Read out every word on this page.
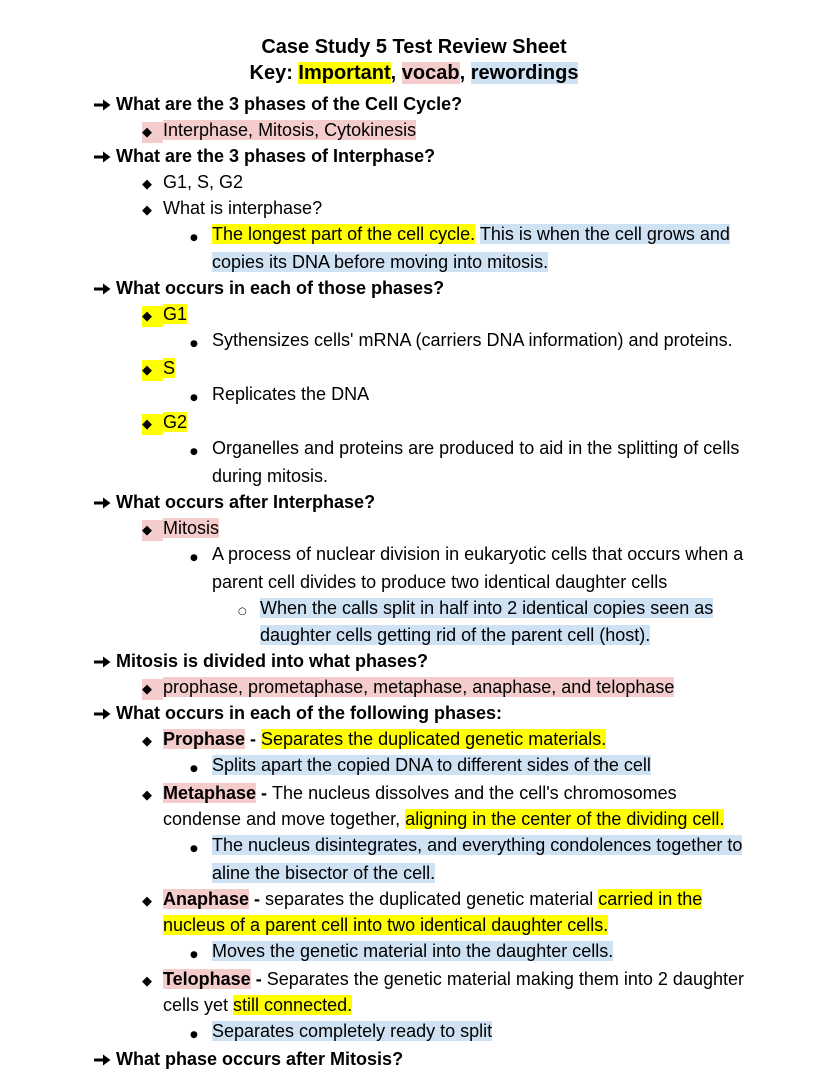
Case Study 5 Test Review Sheet
Key: Important, vocab, rewordings
What are the 3 phases of the Cell Cycle?
◆ Interphase, Mitosis, Cytokinesis
What are the 3 phases of Interphase?
◆ G1, S, G2
◆ What is interphase?
● The longest part of the cell cycle. This is when the cell grows and copies its DNA before moving into mitosis.
What occurs in each of those phases?
◆ G1
● Sythensizes cells' mRNA (carriers DNA information) and proteins.
◆ S
● Replicates the DNA
◆ G2
● Organelles and proteins are produced to aid in the splitting of cells during mitosis.
What occurs after Interphase?
◆ Mitosis
● A process of nuclear division in eukaryotic cells that occurs when a parent cell divides to produce two identical daughter cells
○ When the calls split in half into 2 identical copies seen as daughter cells getting rid of the parent cell (host).
Mitosis is divided into what phases?
◆ prophase, prometaphase, metaphase, anaphase, and telophase
What occurs in each of the following phases:
◆ Prophase - Separates the duplicated genetic materials.
● Splits apart the copied DNA to different sides of the cell
◆ Metaphase - The nucleus dissolves and the cell's chromosomes condense and move together, aligning in the center of the dividing cell.
● The nucleus disintegrates, and everything condolences together to aline the bisector of the cell.
◆ Anaphase - separates the duplicated genetic material carried in the nucleus of a parent cell into two identical daughter cells.
● Moves the genetic material into the daughter cells.
◆ Telophase - Separates the genetic material making them into 2 daughter cells yet still connected.
● Separates completely ready to split
What phase occurs after Mitosis?
